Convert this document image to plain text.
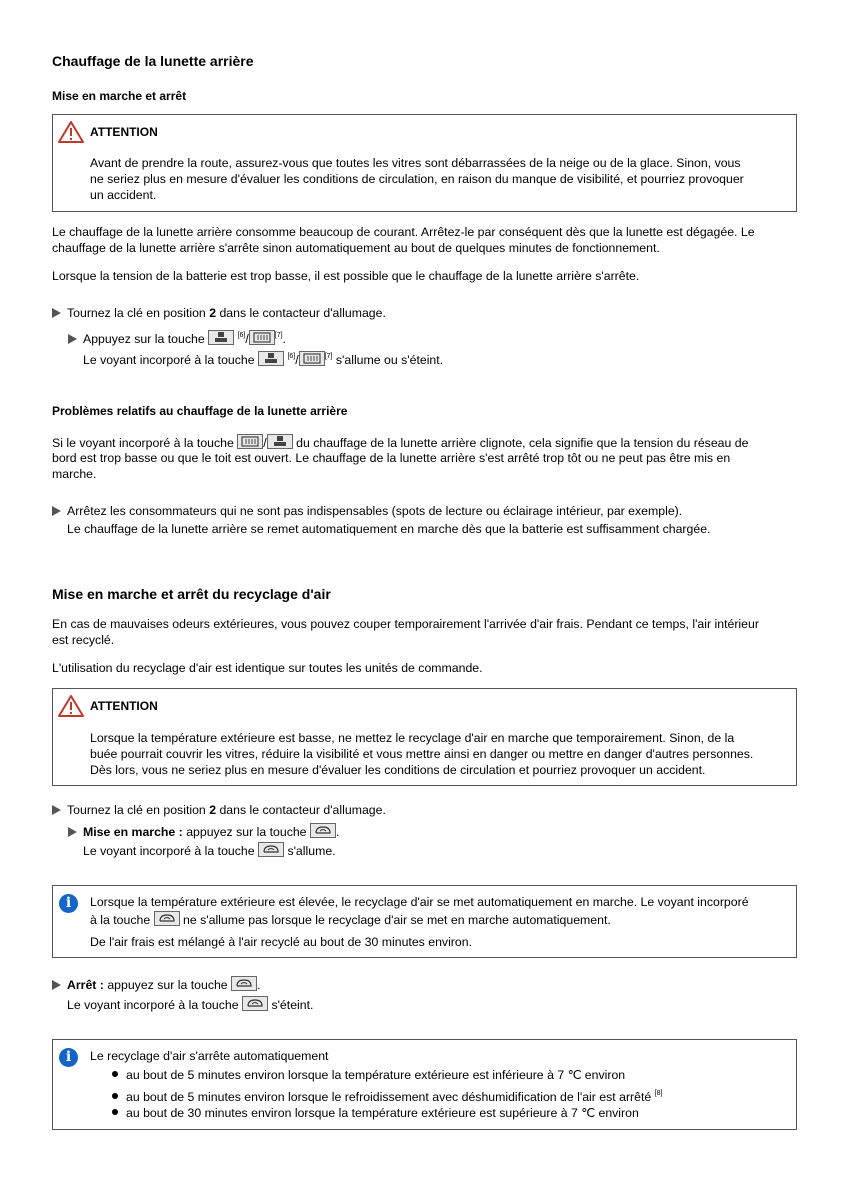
Chauffage de la lunette arrière
Mise en marche et arrêt
ATTENTION
Avant de prendre la route, assurez-vous que toutes les vitres sont débarrassées de la neige ou de la glace. Sinon, vous
ne seriez plus en mesure d'évaluer les conditions de circulation, en raison du manque de visibilité, et pourriez provoquer
un accident.
Le chauffage de la lunette arrière consomme beaucoup de courant. Arrêtez-le par conséquent dès que la lunette est dégagée. Le
chauffage de la lunette arrière s'arrête sinon automatiquement au bout de quelques minutes de fonctionnement.
Lorsque la tension de la batterie est trop basse, il est possible que le chauffage de la lunette arrière s'arrête.
Tournez la clé en position 2 dans le contacteur d'allumage.
Appuyez sur la touche	[6]/	[7].
Le voyant incorporé à la touche	[6]/	[7] s'allume ou s'éteint.
Problèmes relatifs au chauffage de la lunette arrière
Si le voyant incorporé à la touche / du chauffage de la lunette arrière clignote, cela signifie que la tension du réseau de
bord est trop basse ou que le toit est ouvert. Le chauffage de la lunette arrière s'est arrêté trop tôt ou ne peut pas être mis en
marche.
Arrêtez les consommateurs qui ne sont pas indispensables (spots de lecture ou éclairage intérieur, par exemple).
Le chauffage de la lunette arrière se remet automatiquement en marche dès que la batterie est suffisamment chargée.
Mise en marche et arrêt du recyclage d'air
En cas de mauvaises odeurs extérieures, vous pouvez couper temporairement l'arrivée d'air frais. Pendant ce temps, l'air intérieur
est recyclé.
L'utilisation du recyclage d'air est identique sur toutes les unités de commande.
ATTENTION
Lorsque la température extérieure est basse, ne mettez le recyclage d'air en marche que temporairement. Sinon, de la
buée pourrait couvrir les vitres, réduire la visibilité et vous mettre ainsi en danger ou mettre en danger d'autres personnes.
Dès lors, vous ne seriez plus en mesure d'évaluer les conditions de circulation et pourriez provoquer un accident.
Tournez la clé en position 2 dans le contacteur d'allumage.
Mise en marche : appuyez sur la touche .
Le voyant incorporé à la touche	s'allume.
i	Lorsque la température extérieure est élevée, le recyclage d'air se met automatiquement en marche. Le voyant incorporé
à la touche	ne s'allume pas lorsque le recyclage d'air se met en marche automatiquement.
De l'air frais est mélangé à l'air recyclé au bout de 30 minutes environ.
Arrêt : appuyez sur la touche .
Le voyant incorporé à la touche	s'éteint.
i	Le recyclage d'air s'arrête automatiquement
au bout de 5 minutes environ lorsque la température extérieure est inférieure à 7 ℃ environ
au bout de 5 minutes environ lorsque le refroidissement avec déshumidification de l'air est arrêté [8]
au bout de 30 minutes environ lorsque la température extérieure est supérieure à 7 ℃ environ
